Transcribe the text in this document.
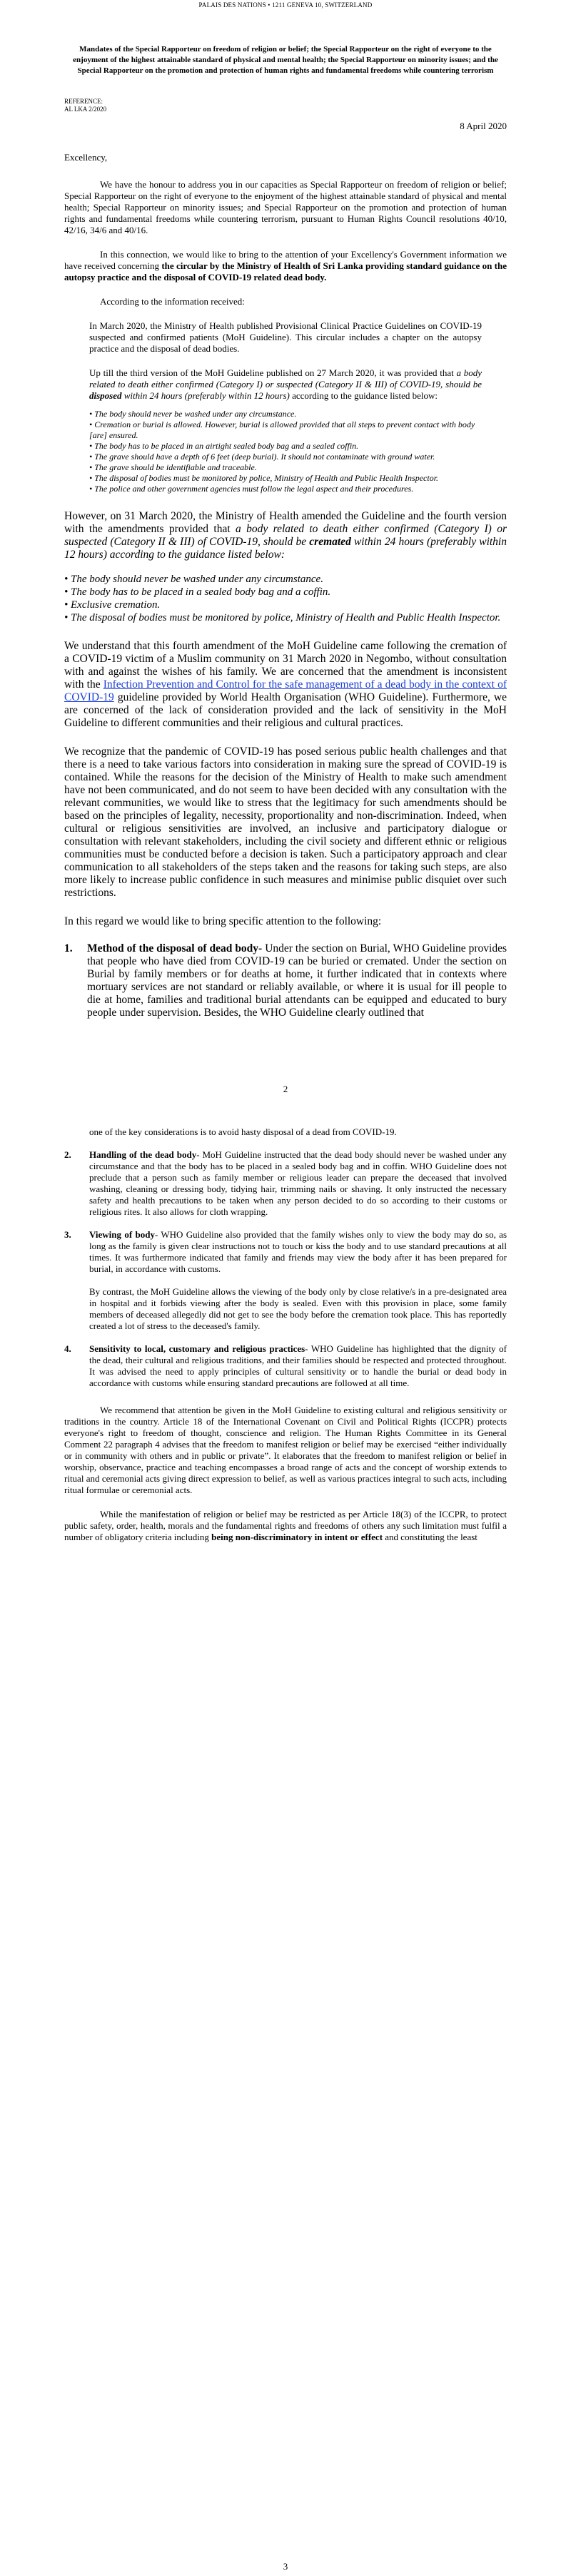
PALAIS DES NATIONS • 1211 GENEVA 10, SWITZERLAND
Mandates of the Special Rapporteur on freedom of religion or belief; the Special Rapporteur on the right of everyone to the enjoyment of the highest attainable standard of physical and mental health; the Special Rapporteur on minority issues; and the Special Rapporteur on the promotion and protection of human rights and fundamental freedoms while countering terrorism
REFERENCE:
AL LKA 2/2020
8 April 2020
Excellency,
We have the honour to address you in our capacities as Special Rapporteur on freedom of religion or belief; Special Rapporteur on the right of everyone to the enjoyment of the highest attainable standard of physical and mental health; Special Rapporteur on minority issues; and Special Rapporteur on the promotion and protection of human rights and fundamental freedoms while countering terrorism, pursuant to Human Rights Council resolutions 40/10, 42/16, 34/6 and 40/16.
In this connection, we would like to bring to the attention of your Excellency's Government information we have received concerning the circular by the Ministry of Health of Sri Lanka providing standard guidance on the autopsy practice and the disposal of COVID-19 related dead body.
According to the information received:
In March 2020, the Ministry of Health published Provisional Clinical Practice Guidelines on COVID-19 suspected and confirmed patients (MoH Guideline). This circular includes a chapter on the autopsy practice and the disposal of dead bodies.
Up till the third version of the MoH Guideline published on 27 March 2020, it was provided that a body related to death either confirmed (Category I) or suspected (Category II & III) of COVID-19, should be disposed within 24 hours (preferably within 12 hours) according to the guidance listed below:
• The body should never be washed under any circumstance.
• Cremation or burial is allowed. However, burial is allowed provided that all steps to prevent contact with body [are] ensured.
• The body has to be placed in an airtight sealed body bag and a sealed coffin.
• The grave should have a depth of 6 feet (deep burial). It should not contaminate with ground water.
• The grave should be identifiable and traceable.
• The disposal of bodies must be monitored by police, Ministry of Health and Public Health Inspector.
• The police and other government agencies must follow the legal aspect and their procedures.
However, on 31 March 2020, the Ministry of Health amended the Guideline and the fourth version with the amendments provided that a body related to death either confirmed (Category I) or suspected (Category II & III) of COVID-19, should be cremated within 24 hours (preferably within 12 hours) according to the guidance listed below:
• The body should never be washed under any circumstance.
• The body has to be placed in a sealed body bag and a coffin.
• Exclusive cremation.
• The disposal of bodies must be monitored by police, Ministry of Health and Public Health Inspector.
We understand that this fourth amendment of the MoH Guideline came following the cremation of a COVID-19 victim of a Muslim community on 31 March 2020 in Negombo, without consultation with and against the wishes of his family. We are concerned that the amendment is inconsistent with the Infection Prevention and Control for the safe management of a dead body in the context of COVID-19 guideline provided by World Health Organisation (WHO Guideline). Furthermore, we are concerned of the lack of consideration provided and the lack of sensitivity in the MoH Guideline to different communities and their religious and cultural practices.
We recognize that the pandemic of COVID-19 has posed serious public health challenges and that there is a need to take various factors into consideration in making sure the spread of COVID-19 is contained. While the reasons for the decision of the Ministry of Health to make such amendment have not been communicated, and do not seem to have been decided with any consultation with the relevant communities, we would like to stress that the legitimacy for such amendments should be based on the principles of legality, necessity, proportionality and non-discrimination. Indeed, when cultural or religious sensitivities are involved, an inclusive and participatory dialogue or consultation with relevant stakeholders, including the civil society and different ethnic or religious communities must be conducted before a decision is taken. Such a participatory approach and clear communication to all stakeholders of the steps taken and the reasons for taking such steps, are also more likely to increase public confidence in such measures and minimise public disquiet over such restrictions.
In this regard we would like to bring specific attention to the following:
1.	Method of the disposal of dead body- Under the section on Burial, WHO Guideline provides that people who have died from COVID-19 can be buried or cremated. Under the section on Burial by family members or for deaths at home, it further indicated that in contexts where mortuary services are not standard or reliably available, or where it is usual for ill people to die at home, families and traditional burial attendants can be equipped and educated to bury people under supervision. Besides, the WHO Guideline clearly outlined that
2
one of the key considerations is to avoid hasty disposal of a dead from COVID-19.
2.	Handling of the dead body- MoH Guideline instructed that the dead body should never be washed under any circumstance and that the body has to be placed in a sealed body bag and in coffin. WHO Guideline does not preclude that a person such as family member or religious leader can prepare the deceased that involved washing, cleaning or dressing body, tidying hair, trimming nails or shaving. It only instructed the necessary safety and health precautions to be taken when any person decided to do so according to their customs or religious rites. It also allows for cloth wrapping.
3.	Viewing of body- WHO Guideline also provided that the family wishes only to view the body may do so, as long as the family is given clear instructions not to touch or kiss the body and to use standard precautions at all times. It was furthermore indicated that family and friends may view the body after it has been prepared for burial, in accordance with customs.
By contrast, the MoH Guideline allows the viewing of the body only by close relative/s in a pre-designated area in hospital and it forbids viewing after the body is sealed. Even with this provision in place, some family members of deceased allegedly did not get to see the body before the cremation took place. This has reportedly created a lot of stress to the deceased's family.
4.	Sensitivity to local, customary and religious practices- WHO Guideline has highlighted that the dignity of the dead, their cultural and religious traditions, and their families should be respected and protected throughout. It was advised the need to apply principles of cultural sensitivity or to handle the burial or dead body in accordance with customs while ensuring standard precautions are followed at all time.
We recommend that attention be given in the MoH Guideline to existing cultural and religious sensitivity or traditions in the country. Article 18 of the International Covenant on Civil and Political Rights (ICCPR) protects everyone's right to freedom of thought, conscience and religion. The Human Rights Committee in its General Comment 22 paragraph 4 advises that the freedom to manifest religion or belief may be exercised “either individually or in community with others and in public or private”. It elaborates that the freedom to manifest religion or belief in worship, observance, practice and teaching encompasses a broad range of acts and the concept of worship extends to ritual and ceremonial acts giving direct expression to belief, as well as various practices integral to such acts, including ritual formulae or ceremonial acts.
While the manifestation of religion or belief may be restricted as per Article 18(3) of the ICCPR, to protect public safety, order, health, morals and the fundamental rights and freedoms of others any such limitation must fulfil a number of obligatory criteria including being non-discriminatory in intent or effect and constituting the least
3
